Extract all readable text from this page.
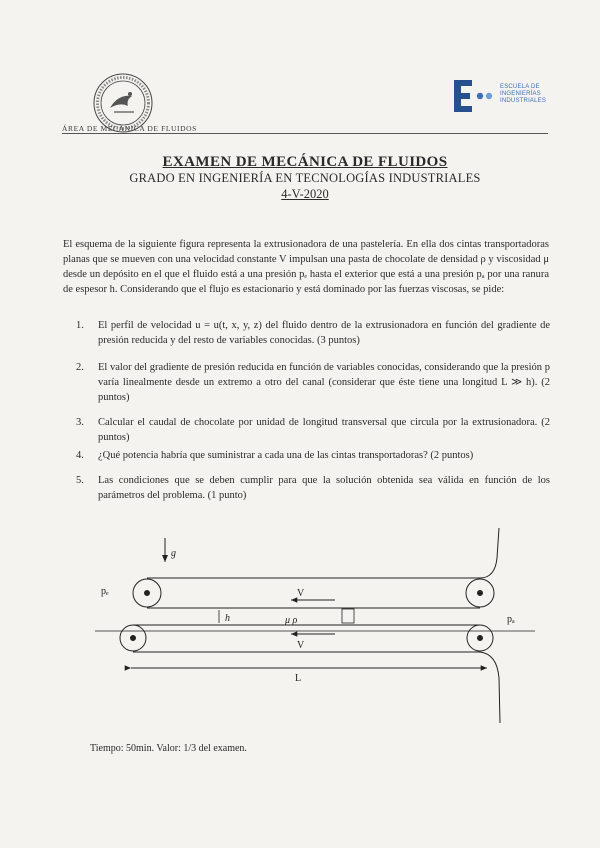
ÁREA DE MECÁNICA DE FLUIDOS
ESCUELA DE
INGENIERÍAS
INDUSTRIALES
EXAMEN DE MECÁNICA DE FLUIDOS
GRADO EN INGENIERÍA EN TECNOLOGÍAS INDUSTRIALES
4-V-2020
El esquema de la siguiente figura representa la extrusionadora de una pastelería. En ella dos cintas transportadoras planas que se mueven con una velocidad constante V impulsan una pasta de chocolate de densidad ρ y viscosidad μ desde un depósito en el que el fluido está a una presión pₑ hasta el exterior que está a una presión pₐ por una ranura de espesor h. Considerando que el flujo es estacionario y está dominado por las fuerzas viscosas, se pide:
1.	El perfil de velocidad u = u(t, x, y, z) del fluido dentro de la extrusionadora en función del gradiente de presión reducida y del resto de variables conocidas. (3 puntos)
2.	El valor del gradiente de presión reducida en función de variables conocidas, considerando que la presión p varía linealmente desde un extremo a otro del canal (considerar que éste tiene una longitud L ≫ h). (2 puntos)
3.	Calcular el caudal de chocolate por unidad de longitud transversal que circula por la extrusionadora. (2 puntos)
4.	¿Qué potencia habría que suministrar a cada una de las cintas transportadoras? (2 puntos)
5.	Las condiciones que se deben cumplir para que la solución obtenida sea válida en función de los parámetros del problema. (1 punto)
g
pₑ
pₐ
V
V
h	μ ρ
L
Tiempo: 50min. Valor: 1/3 del examen.
